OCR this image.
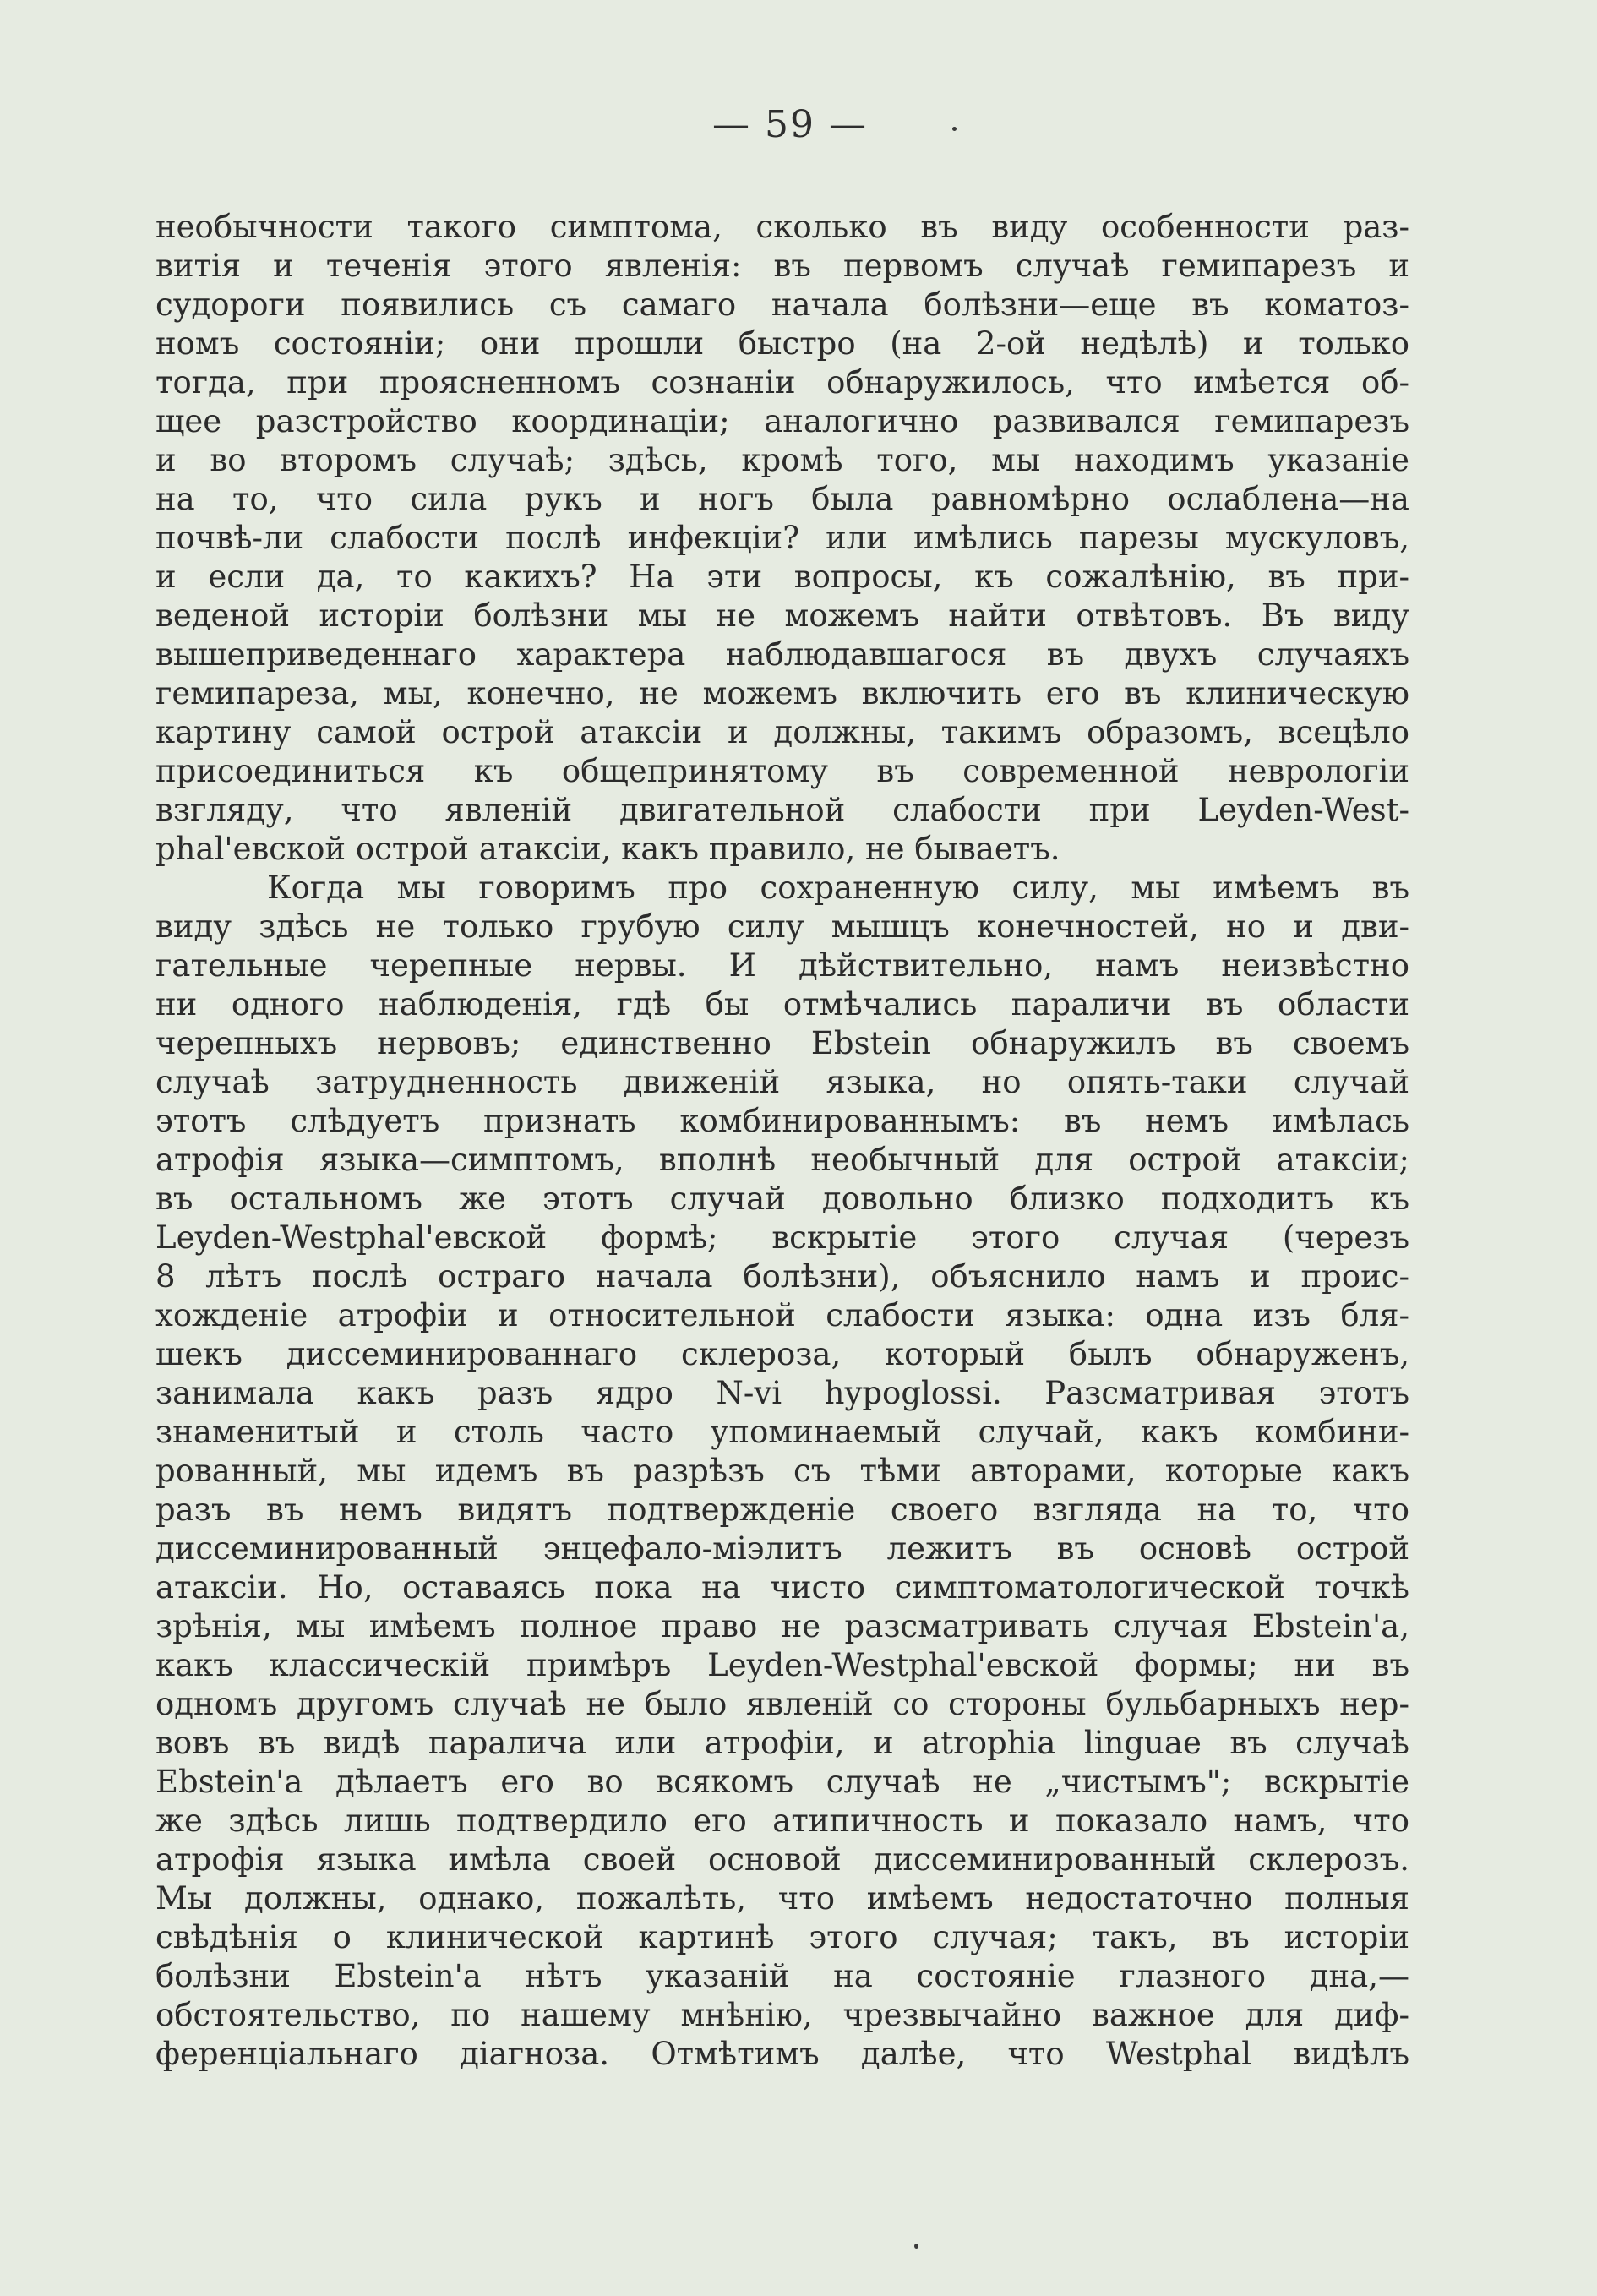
— 59 —
необычности такого симптома, сколько въ виду особенности раз-
витія и теченія этого явленія: въ первомъ случаѣ гемипарезъ и
судороги появились съ самаго начала болѣзни—еще въ коматоз-
номъ состояніи; они прошли быстро (на 2-ой недѣлѣ) и только
тогда, при проясненномъ сознаніи обнаружилось, что имѣется об-
щее разстройство координаціи; аналогично развивался гемипарезъ
и во второмъ случаѣ; здѣсь, кромѣ того, мы находимъ указаніе
на то, что сила рукъ и ногъ была равномѣрно ослаблена—на
почвѣ-ли слабости послѣ инфекціи? или имѣлись парезы мускуловъ,
и если да, то какихъ? На эти вопросы, къ сожалѣнію, въ при-
веденой исторіи болѣзни мы не можемъ найти отвѣтовъ. Въ виду
вышеприведеннаго характера наблюдавшагося въ двухъ случаяхъ
гемипареза, мы, конечно, не можемъ включить его въ клиническую
картину самой острой атаксіи и должны, такимъ образомъ, всецѣло
присоединиться къ общепринятому въ современной неврологіи
взгляду, что явленій двигательной слабости при Leyden-West-
phal'евской острой атаксіи, какъ правило, не бываетъ.
Когда мы говоримъ про сохраненную силу, мы имѣемъ въ
виду здѣсь не только грубую силу мышцъ конечностей, но и дви-
гательные черепные нервы. И дѣйствительно, намъ неизвѣстно
ни одного наблюденія, гдѣ бы отмѣчались параличи въ области
черепныхъ нервовъ; единственно Ebstein обнаружилъ въ своемъ
случаѣ затрудненность движеній языка, но опять-таки случай
этотъ слѣдуетъ признать комбинированнымъ: въ немъ имѣлась
атрофія языка—симптомъ, вполнѣ необычный для острой атаксіи;
въ остальномъ же этотъ случай довольно близко подходитъ къ
Leyden-Westphal'евской формѣ; вскрытіе этого случая (черезъ
8 лѣтъ послѣ остраго начала болѣзни), объяснило намъ и проис-
хожденіе атрофіи и относительной слабости языка: одна изъ бля-
шекъ диссеминированнаго склероза, который былъ обнаруженъ,
занимала какъ разъ ядро N-vi hypoglossi. Разсматривая этотъ
знаменитый и столь часто упоминаемый случай, какъ комбини-
рованный, мы идемъ въ разрѣзъ съ тѣми авторами, которые какъ
разъ въ немъ видятъ подтвержденіе своего взгляда на то, что
диссеминированный энцефало-міэлитъ лежитъ въ основѣ острой
атаксіи. Но, оставаясь пока на чисто симптоматологической точкѣ
зрѣнія, мы имѣемъ полное право не разсматривать случая Ebstein'a,
какъ классическій примѣръ Leyden-Westphal'евской формы; ни въ
одномъ другомъ случаѣ не было явленій со стороны бульбарныхъ нер-
вовъ въ видѣ паралича или атрофіи, и atrophia linguae въ случаѣ
Ebstein'a дѣлаетъ его во всякомъ случаѣ не „чистымъ"; вскрытіе
же здѣсь лишь подтвердило его атипичность и показало намъ, что
атрофія языка имѣла своей основой диссеминированный склерозъ.
Мы должны, однако, пожалѣть, что имѣемъ недостаточно полныя
свѣдѣнія о клинической картинѣ этого случая; такъ, въ исторіи
болѣзни Ebstein'a нѣтъ указаній на состояніе глазного дна,—
обстоятельство, по нашему мнѣнію, чрезвычайно важное для диф-
ференціальнаго діагноза. Отмѣтимъ далѣе, что Westphal видѣлъ
